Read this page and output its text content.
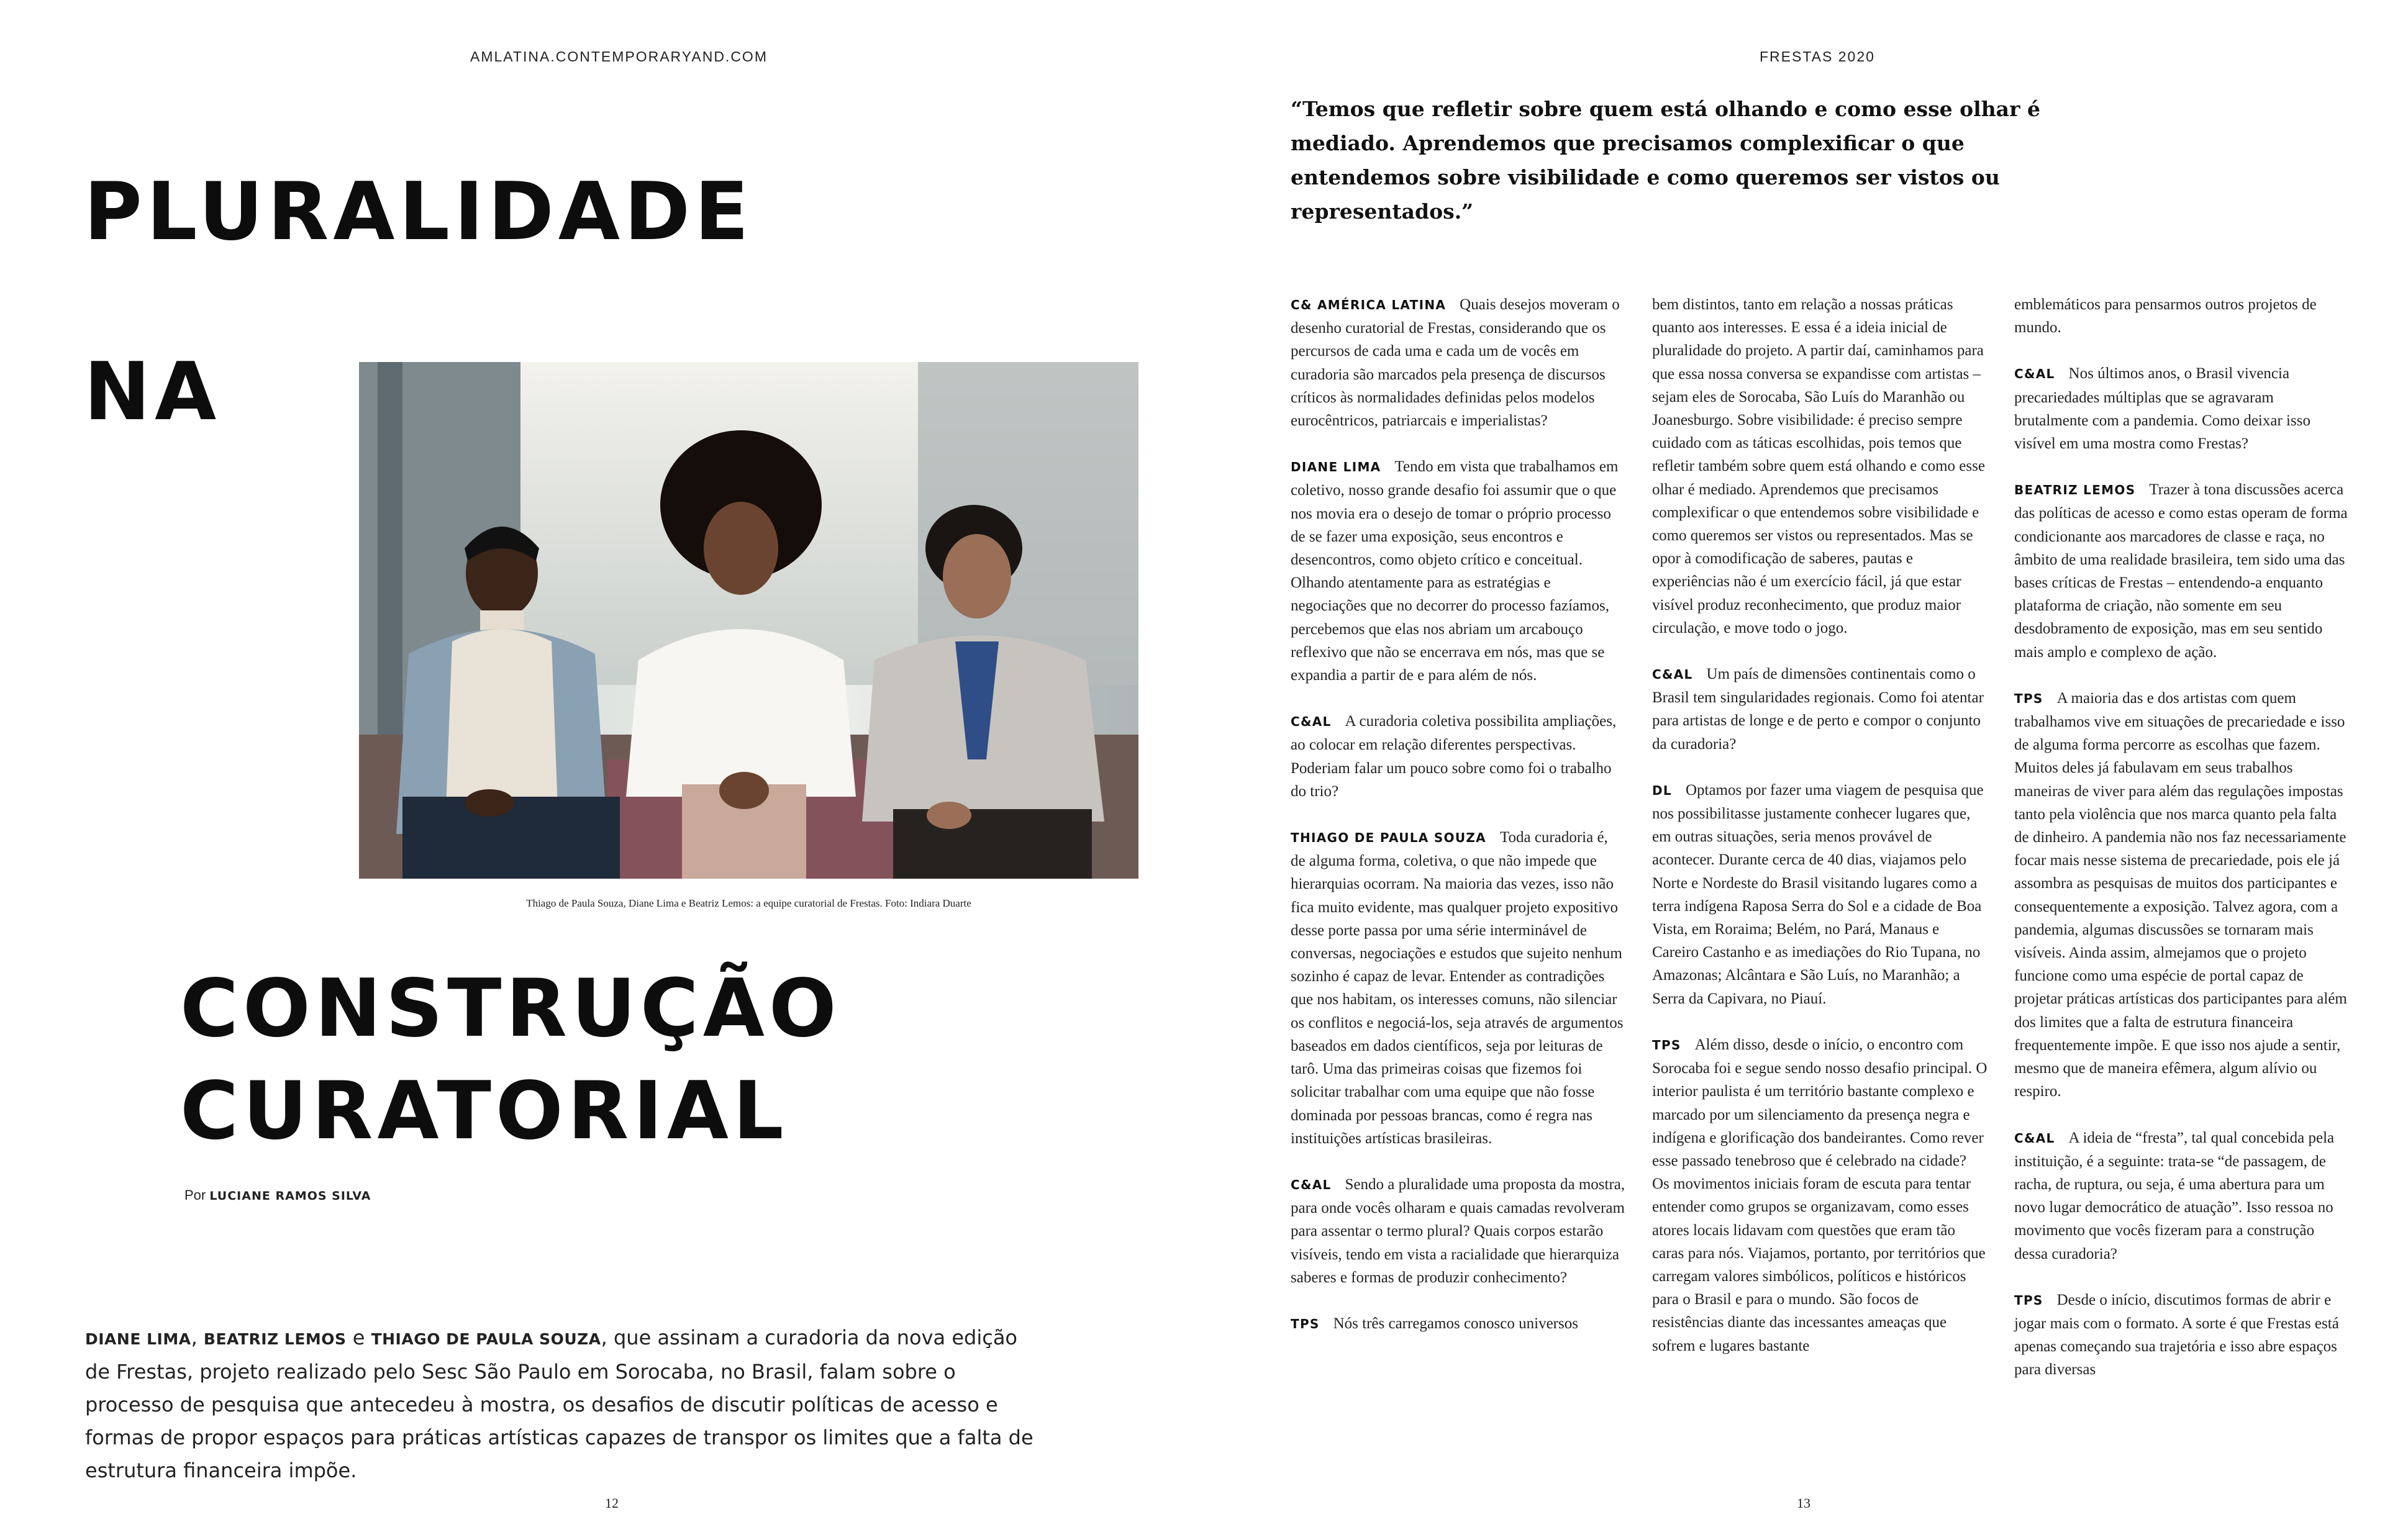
AMLATINA.CONTEMPORARYAND.COM
PLURALIDADE
NA
Thiago de Paula Souza, Diane Lima e Beatriz Lemos: a equipe curatorial de Frestas. Foto: Indiara Duarte
CONSTRUÇÃO
CURATORIAL
Por LUCIANE RAMOS SILVA
DIANE LIMA, BEATRIZ LEMOS e THIAGO DE PAULA SOUZA, que assinam a curadoria da nova edição de Frestas, projeto realizado pelo Sesc São Paulo em Sorocaba, no Brasil, falam sobre o processo de pesquisa que antecedeu à mostra, os desafios de discutir políticas de acesso e formas de propor espaços para práticas artísticas capazes de transpor os limites que a falta de estrutura financeira impõe.
12
FRESTAS 2020
“Temos que refletir sobre quem está olhando e como esse olhar é mediado. Aprendemos que precisamos complexificar o que entendemos sobre visibilidade e como queremos ser vistos ou representados.”

C& AMÉRICA LATINA Quais desejos moveram o desenho curatorial de Frestas, considerando que os percursos de cada uma e cada um de vocês em curadoria são marcados pela presença de discursos críticos às normalidades definidas pelos modelos eurocêntricos, patriarcais e imperialistas?

DIANE LIMA Tendo em vista que trabalhamos em coletivo, nosso grande desafio foi assumir que o que nos movia era o desejo de tomar o próprio processo de se fazer uma exposição, seus encontros e desencontros, como objeto crítico e conceitual. Olhando atentamente para as estratégias e negociações que no decorrer do processo fazíamos, percebemos que elas nos abriam um arcabouço reflexivo que não se encerrava em nós, mas que se expandia a partir de e para além de nós.

C&AL A curadoria coletiva possibilita ampliações, ao colocar em relação diferentes perspectivas. Poderiam falar um pouco sobre como foi o trabalho do trio?

THIAGO DE PAULA SOUZA Toda curadoria é, de alguma forma, coletiva, o que não impede que hierarquias ocorram. Na maioria das vezes, isso não fica muito evidente, mas qualquer projeto expositivo desse porte passa por uma série interminável de conversas, negociações e estudos que sujeito nenhum sozinho é capaz de levar. Entender as contradições que nos habitam, os interesses comuns, não silenciar os conflitos e negociá-los, seja através de argumentos baseados em dados científicos, seja por leituras de tarô. Uma das primeiras coisas que fizemos foi solicitar trabalhar com uma equipe que não fosse dominada por pessoas brancas, como é regra nas instituições artísticas brasileiras.

C&AL Sendo a pluralidade uma proposta da mostra, para onde vocês olharam e quais camadas revolveram para assentar o termo plural? Quais corpos estarão visíveis, tendo em vista a racialidade que hierarquiza saberes e formas de produzir conhecimento?

TPS Nós três carregamos conosco universos

bem distintos, tanto em relação a nossas práticas quanto aos interesses. E essa é a ideia inicial de pluralidade do projeto. A partir daí, caminhamos para que essa nossa conversa se expandisse com artistas – sejam eles de Sorocaba, São Luís do Maranhão ou Joanesburgo. Sobre visibilidade: é preciso sempre cuidado com as táticas escolhidas, pois temos que refletir também sobre quem está olhando e como esse olhar é mediado. Aprendemos que precisamos complexificar o que entendemos sobre visibilidade e como queremos ser vistos ou representados. Mas se opor à comodificação de saberes, pautas e experiências não é um exercício fácil, já que estar visível produz reconhecimento, que produz maior circulação, e move todo o jogo.

C&AL Um país de dimensões continentais como o Brasil tem singularidades regionais. Como foi atentar para artistas de longe e de perto e compor o conjunto da curadoria?

DL Optamos por fazer uma viagem de pesquisa que nos possibilitasse justamente conhecer lugares que, em outras situações, seria menos provável de acontecer. Durante cerca de 40 dias, viajamos pelo Norte e Nordeste do Brasil visitando lugares como a terra indígena Raposa Serra do Sol e a cidade de Boa Vista, em Roraima; Belém, no Pará, Manaus e Careiro Castanho e as imediações do Rio Tupana, no Amazonas; Alcântara e São Luís, no Maranhão; a Serra da Capivara, no Piauí.

TPS Além disso, desde o início, o encontro com Sorocaba foi e segue sendo nosso desafio principal. O interior paulista é um território bastante complexo e marcado por um silenciamento da presença negra e indígena e glorificação dos bandeirantes. Como rever esse passado tenebroso que é celebrado na cidade? Os movimentos iniciais foram de escuta para tentar entender como grupos se organizavam, como esses atores locais lidavam com questões que eram tão caras para nós. Viajamos, portanto, por territórios que carregam valores simbólicos, políticos e históricos para o Brasil e para o mundo. São focos de resistências diante das incessantes ameaças que sofrem e lugares bastante

emblemáticos para pensarmos outros projetos de mundo.

C&AL Nos últimos anos, o Brasil vivencia precariedades múltiplas que se agravaram brutalmente com a pandemia. Como deixar isso visível em uma mostra como Frestas?

BEATRIZ LEMOS Trazer à tona discussões acerca das políticas de acesso e como estas operam de forma condicionante aos marcadores de classe e raça, no âmbito de uma realidade brasileira, tem sido uma das bases críticas de Frestas – entendendo-a enquanto plataforma de criação, não somente em seu desdobramento de exposição, mas em seu sentido mais amplo e complexo de ação.

TPS A maioria das e dos artistas com quem trabalhamos vive em situações de precariedade e isso de alguma forma percorre as escolhas que fazem. Muitos deles já fabulavam em seus trabalhos maneiras de viver para além das regulações impostas tanto pela violência que nos marca quanto pela falta de dinheiro. A pandemia não nos faz necessariamente focar mais nesse sistema de precariedade, pois ele já assombra as pesquisas de muitos dos participantes e consequentemente a exposição. Talvez agora, com a pandemia, algumas discussões se tornaram mais visíveis. Ainda assim, almejamos que o projeto funcione como uma espécie de portal capaz de projetar práticas artísticas dos participantes para além dos limites que a falta de estrutura financeira frequentemente impõe. E que isso nos ajude a sentir, mesmo que de maneira efêmera, algum alívio ou respiro.

C&AL A ideia de “fresta”, tal qual concebida pela instituição, é a seguinte: trata-se “de passagem, de racha, de ruptura, ou seja, é uma abertura para um novo lugar democrático de atuação”. Isso ressoa no movimento que vocês fizeram para a construção dessa curadoria?

TPS Desde o início, discutimos formas de abrir e jogar mais com o formato. A sorte é que Frestas está apenas começando sua trajetória e isso abre espaços para diversas

13
